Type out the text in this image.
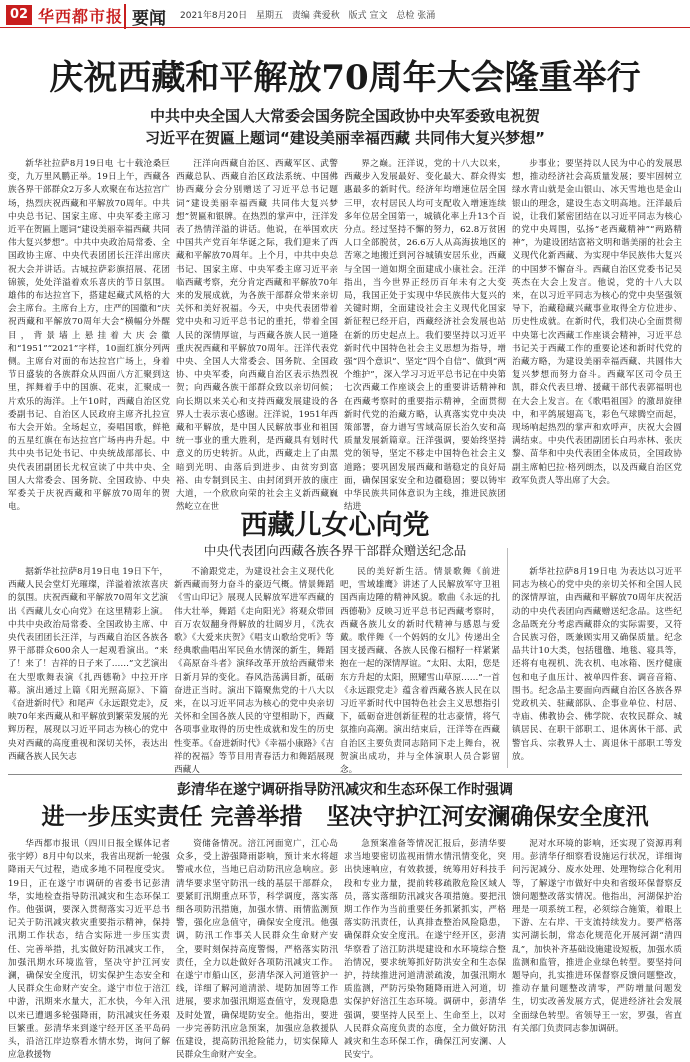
02 华西都市报 要闻 2021年8月20日 星期五 责编 龚爱秋 版式 宣文 总检 张涌
庆祝西藏和平解放70周年大会隆重举行
中共中央全国人大常委会国务院全国政协中央军委致电祝贺
习近平在贺匾上题词“建设美丽幸福西藏 共同伟大复兴梦想”

新华社拉萨8月19日电 七十载沧桑巨变，九万里风鹏正举。19日上午，西藏各族各界干部群众2万多人欢聚在布达拉宫广场，热烈庆祝西藏和平解放70周年。中共中央总书记、国家主席、中央军委主席习近平在贺匾上题词“建设美丽幸福西藏 共同伟大复兴梦想”。中共中央政治局常委、全国政协主席、中央代表团团长汪洋出席庆祝大会并讲话。古城拉萨彩旗招展、花团锦簇，处处洋溢着欢乐喜庆的节日氛围。雄伟的布达拉宫下，搭建起藏式风格的大会主席台。主席台上方，庄严的国徽和“庆祝西藏和平解放70周年大会”横幅分外醒目，背景墙上悬挂着大庆会徽和“1951”“2021”字样，10面红旗分列两侧。主席台对面的布达拉宫广场上，身着节日盛装的各族群众从四面八方汇聚到这里，挥舞着手中的国旗、花束，汇聚成一片欢乐的海洋。上午10时，西藏自治区党委副书记、自治区人民政府主席齐扎拉宣布大会开始。全场起立，奏唱国歌，鲜艳的五星红旗在布达拉宫广场冉冉升起。中共中央书记处书记、中央统战部部长、中央代表团副团长尤权宣读了中共中央、全国人大常委会、国务院、全国政协、中央军委关于庆祝西藏和平解放70周年的贺电。

汪洋向西藏自治区、西藏军区、武警西藏总队、西藏自治区政法系统、中国佛协西藏分会分别赠送了习近平总书记题词“建设美丽幸福西藏 共同伟大复兴梦想”贺匾和银牌。在热烈的掌声中，汪洋发表了热情洋溢的讲话。他说，在举国欢庆中国共产党百年华诞之际，我们迎来了西藏和平解放70周年。上个月，中共中央总书记、国家主席、中央军委主席习近平亲临西藏考察，充分肯定西藏和平解放70年来的发展成就，为各族干部群众带来亲切关怀和美好祝福。今天，中央代表团带着党中央和习近平总书记的重托，带着全国人民的深情厚谊，与西藏各族人民一道隆重庆祝西藏和平解放70周年。汪洋代表党中央、全国人大常委会、国务院、全国政协、中央军委，向西藏自治区表示热烈祝贺；向西藏各族干部群众致以亲切问候；向长期以来关心和支持西藏发展建设的各界人士表示衷心感谢。汪洋说，1951年西藏和平解放，是中国人民解放事业和祖国统一事业的重大胜利，是西藏具有划时代意义的历史转折。从此，西藏走上了由黑暗到光明、由落后到进步、由贫穷到富裕、由专制到民主、由封闭到开放的康庄大道，一个欣欣向荣的社会主义新西藏巍然屹立在世

界之巅。汪洋说，党的十八大以来，西藏步入发展最好、变化最大、群众得实惠最多的新时代。经济年均增速位居全国三甲，农村居民人均可支配收入增速连续多年位居全国第一，城镇化率上升13个百分点。经过坚持不懈的努力，62.8万贫困人口全部脱贫，26.6万人从高海拔地区的苦寒之地搬迁到河谷城镇安居乐业，西藏与全国一道如期全面建成小康社会。汪洋指出，当今世界正经历百年未有之大变局，我国正处于实现中华民族伟大复兴的关键时期，全面建设社会主义现代化国家新征程已经开启，西藏经济社会发展也站在新的历史起点上。我们要坚持以习近平新时代中国特色社会主义思想为指导，增强“四个意识”、坚定“四个自信”、做到“两个维护”，深入学习习近平总书记在中央第七次西藏工作座谈会上的重要讲话精神和在西藏考察时的重要指示精神，全面贯彻新时代党的治藏方略，认真落实党中央决策部署，奋力谱写雪域高原长治久安和高质量发展新篇章。汪洋强调，要始终坚持党的领导，坚定不移走中国特色社会主义道路；要巩固发展西藏和谐稳定的良好局面，确保国家安全和边疆稳固；要以铸牢中华民族共同体意识为主线，推进民族团结进

步事业；要坚持以人民为中心的发展思想，推动经济社会高质量发展；要牢固树立绿水青山就是金山银山、冰天雪地也是金山银山的理念，建设生态文明高地。汪洋最后说，让我们紧密团结在以习近平同志为核心的党中央周围，弘扬“老西藏精神”“两路精神”，为建设团结富裕文明和谐美丽的社会主义现代化新西藏、为实现中华民族伟大复兴的中国梦不懈奋斗。西藏自治区党委书记吴英杰在大会上发言。他说，党的十八大以来，在以习近平同志为核心的党中央坚强领导下，治藏稳藏兴藏事业取得全方位进步、历史性成就。在新时代，我们决心全面贯彻中央第七次西藏工作座谈会精神，习近平总书记关于西藏工作的重要论述和新时代党的治藏方略，为建设美丽幸福西藏、共圆伟大复兴梦想而努力奋斗。西藏军区司令员王凯，群众代表旦增、援藏干部代表郭福明也在大会上发言。在《歌唱祖国》的激昂旋律中，和平鸽展翅高飞，彩色气球腾空而起，现场响起热烈的掌声和欢呼声，庆祝大会圆满结束。中央代表团副团长白玛赤林、张庆黎、苗华和中央代表团全体成员，全国政协副主席帕巴拉·格列朗杰，以及西藏自治区党政军负责人等出席了大会。

西藏儿女心向党
中央代表团向西藏各族各界干部群众赠送纪念品

据新华社拉萨8月19日电 19日下午，西藏人民会堂灯光璀璨，洋溢着浓浓喜庆的氛围。庆祝西藏和平解放70周年文艺演出《西藏儿女心向党》在这里精彩上演。中共中央政治局常委、全国政协主席、中央代表团团长汪洋，与西藏自治区各族各界干部群众600余人一起观看演出。“来了！来了！吉祥的日子来了……”文艺演出在大型歌舞表演《扎西德勒》中拉开序幕。演出通过上篇《阳光照高原》、下篇《奋进新时代》和尾声《永远跟党走》，反映70年来西藏从和平解放到繁荣发展的光辉历程，展现以习近平同志为核心的党中央对西藏的高度重视和深切关怀，表达出西藏各族人民矢志

不渝跟党走，为建设社会主义现代化新西藏而努力奋斗的豪迈气概。情景舞蹈《雪山印记》展现人民解放军进军西藏的伟大壮举，舞蹈《走向阳光》将观众带回百万农奴翻身得解放的壮阔岁月，《洗衣歌》《大爱来庆贺》《唱支山歌给党听》等经典歌曲唱出军民鱼水情深的新生，舞蹈《高原奋斗者》演绎改革开放给西藏带来日新月异的变化。春风浩荡满目新，砥砺奋进正当时。演出下篇聚焦党的十八大以来，在以习近平同志为核心的党中央亲切关怀和全国各族人民的守望相助下，西藏各项事业取得的历史性成就和发生的历史性变革。《奋进新时代》《幸福小康路》《吉祥的祝福》等节目用青春活力和舞蹈展现西藏人

民的美好新生活。情景歌舞《前进吧，雪域雄鹰》讲述了人民解放军守卫祖国西南边陲的精神风貌。歌曲《永远的扎西德勒》反映习近平总书记西藏考察时，西藏各族儿女的新时代精神与感恩与爱戴。歌伴舞《一个妈妈的女儿》传递出全国支援西藏、各族人民像石榴籽一样紧紧抱在一起的深情厚谊。“太阳、太阳，您是东方升起的太阳，照耀雪山草原……”一首《永远跟党走》蕴含着西藏各族人民在以习近平新时代中国特色社会主义思想指引下，砥砺奋进创新征程的壮志豪情，将气氛推向高潮。演出结束后，汪洋等在西藏自治区主要负责同志陪同下走上舞台，祝贺演出成功，并与全体演职人员合影留念。

新华社拉萨8月19日电 为表达以习近平同志为核心的党中央的亲切关怀和全国人民的深情厚谊，由西藏和平解放70周年庆祝活动的中央代表团向西藏赠送纪念品。这些纪念品既充分考虑西藏群众的实际需要，又符合民族习俗，既兼顾实用又确保质量。纪念品共计10大类，包括氆氇、地毯、寝具等，还将有电视机、洗衣机、电冰箱、医疗健康包和电子血压计、被单四件套、调音音箱、围书。纪念品主要面向西藏自治区各族各界党政机关、驻藏部队、企事业单位、村居、寺庙、佛教协会、佛学院、农牧民群众、城镇居民、在职干部职工、退休离休干部、武警官兵、宗教界人士、离退休干部职工等发放。

彭清华在遂宁调研指导防汛减灾和生态环保工作时强调
进一步压实责任 完善举措   坚决守护江河安澜确保安全度汛

华西都市报讯（四川日报全媒体记者 张宇婷）8月中旬以来，我省出现新一轮强降雨天气过程，造成多地不同程度受灾。19日，正在遂宁市调研的省委书记彭清华，实地检查指导防汛减灾和生态环保工作。他强调，要深入贯彻落实习近平总书记关于防汛减灾救灾重要指示精神，保持汛期工作状态，结合实际进一步压实责任、完善举措，扎实做好防汛减灾工作，加强汛期水环境监管，坚决守护江河安澜，确保安全度汛，切实保护生态安全和人民群众生命财产安全。遂宁市位于涪江中游，汛期来水量大，汇水快，今年入汛以来已遭遇多轮强降雨，防汛减灾任务艰巨繁重。彭清华来到遂宁经开区圣平岛码头，沿涪江岸边察看水情水势，询问了解应急救援物

资储备情况。涪江河面宽广，江心岛众多，受上游强降雨影响，预计来水将超警戒水位，当地已启动防汛应急响应。彭清华要求坚守防汛一线的基层干部群众，要紧盯汛期重点环节，科学调度，落实落细各项防汛措施，加强水情、雨情监测预警，强化应急值守，确保安全度汛。他强调，防汛工作事关人民群众生命财产安全，要时刻保持高度警惕，严格落实防汛责任，全力以赴做好各项防汛减灾工作。在遂宁市船山区，彭清华深入河道管护一线，详细了解河道清淤、堤防加固等工作进展，要求加强汛期巡查值守，发现隐患及时处置，确保堤防安全。他指出，要进一步完善防汛应急预案，加强应急救援队伍建设，提高防汛抢险能力，切实保障人民群众生命财产安全。

急预案准备等情况汇报后，彭清华要求当地要密切监视雨情水情汛情变化，突出快速响应，有效救援，统筹用好科技手段和专业力量，提前转移疏散危险区域人员，落实落细防汛减灾各项措施。要把汛期工作作为当前重要任务抓紧抓实，严格落实防汛责任，认真排查整治风险隐患，确保群众安全度汛。在遂宁经开区，彭清华察看了涪江防洪堤建设和水环境综合整治情况，要求统筹抓好防洪安全和生态保护，持续推进河道清淤疏浚，加强汛期水质监测，严防污染物随降雨进入河道，切实保护好涪江生态环境。调研中，彭清华强调，要坚持人民至上、生命至上，以对人民群众高度负责的态度，全力做好防汛减灾和生态环保工作，确保江河安澜、人民安宁。

泥对水环境的影响，还实现了资源再利用。彭清华仔细察看设施运行状况，详细询问污泥减分、废水处理、处理物综合化利用等，了解遂宁市做好中央和省级环保督察反馈问题整改落实情况。他指出，河湖保护治理是一项系统工程，必须综合施策，着眼上下游、左右岸、干支流持续发力。要严格落实河湖长制，常态化规范化开展河湖“清四乱”，加快补齐基础设施建设短板，加强水质监测和监管，推进企业绿色转型。要坚持问题导向，扎实推进环保督察反馈问题整改，推动存量问题整改清零，严防增量问题发生，切实改善发展方式，促进经济社会发展全面绿色转型。省领导王一宏，罗强，省直有关部门负责同志参加调研。
